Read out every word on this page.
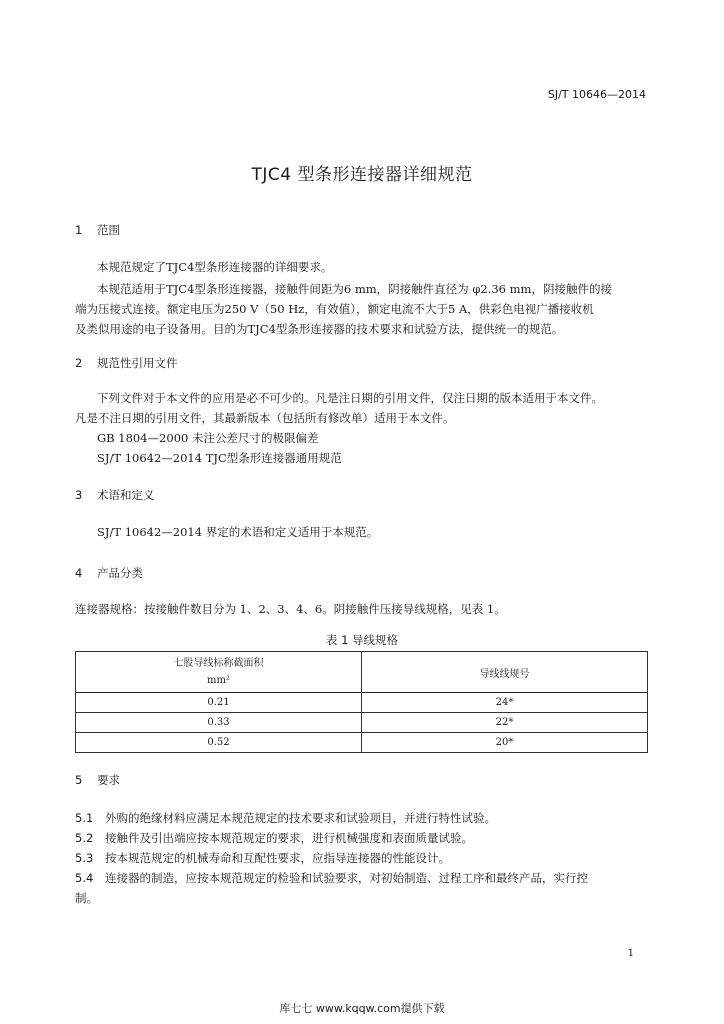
SJ/T 10646—2014
TJC4 型条形连接器详细规范
1 范围
本规范规定了TJC4型条形连接器的详细要求。
本规范适用于TJC4型条形连接器，接触件间距为6 mm，阴接触件直径为 φ2.36 mm，阴接触件的接
端为压接式连接。额定电压为250 V（50 Hz，有效值），额定电流不大于5 A，供彩色电视广播接收机
及类似用途的电子设备用。目的为TJC4型条形连接器的技术要求和试验方法，提供统一的规范。
2 规范性引用文件
下列文件对于本文件的应用是必不可少的。凡是注日期的引用文件，仅注日期的版本适用于本文件。
凡是不注日期的引用文件，其最新版本（包括所有修改单）适用于本文件。
GB 1804—2000 未注公差尺寸的极限偏差
SJ/T 10642—2014 TJC型条形连接器通用规范
3 术语和定义
SJ/T 10642—2014 界定的术语和定义适用于本规范。
4 产品分类
连接器规格：按接触件数目分为 1、2、3、4、6。阴接触件压接导线规格，见表 1。
表 1 导线规格
七股导线标称截面积
mm²	导线线规号
0.21	24*
0.33	22*
0.52	20*
5 要求
5.1 外购的绝缘材料应满足本规范规定的技术要求和试验项目，并进行特性试验。
5.2 接触件及引出端应按本规范规定的要求，进行机械强度和表面质量试验。
5.3 按本规范规定的机械寿命和互配性要求，应指导连接器的性能设计。
5.4 连接器的制造，应按本规范规定的检验和试验要求，对初始制造、过程工序和最终产品，实行控
制。
1
库七七 www.kqqw.com提供下载
